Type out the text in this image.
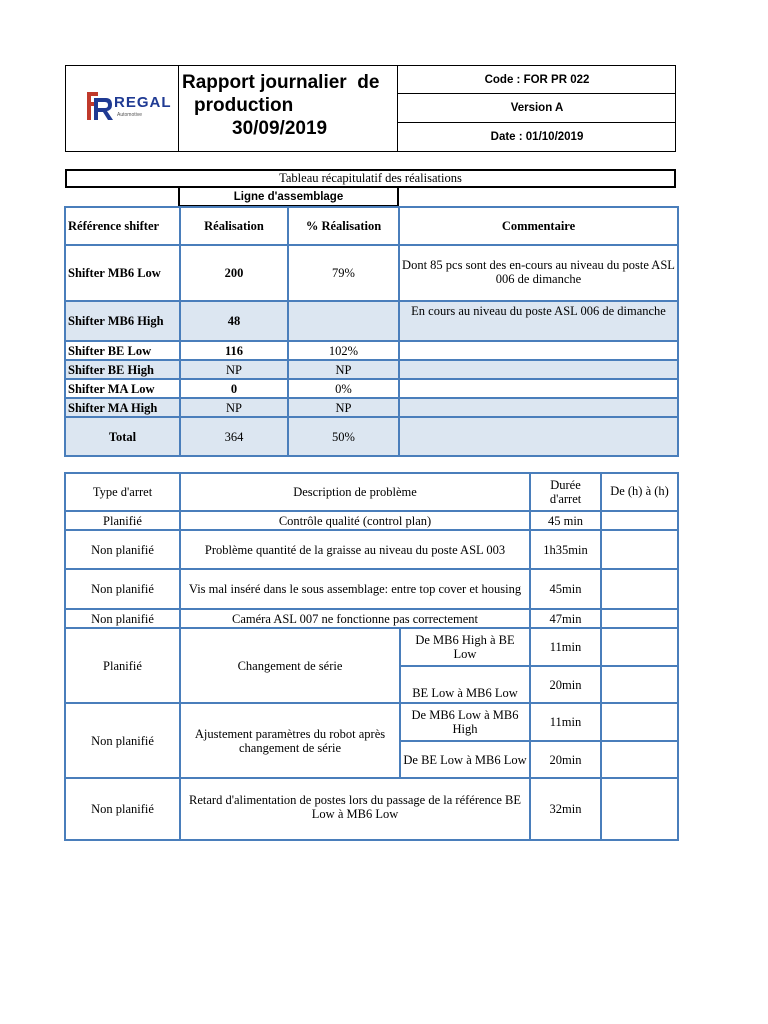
REGAL
Automotive
Rapport journalier  de
production
30/09/2019
Code : FOR PR 022
Version A
Date : 01/10/2019
Tableau récapitulatif des réalisations
Ligne d'assemblage
Référence shifter	Réalisation	% Réalisation	Commentaire
Shifter MB6 Low	200	79%	Dont 85 pcs sont des en-cours au niveau du poste ASL 006 de dimanche
Shifter MB6 High	48		En cours au niveau du poste ASL 006 de dimanche
Shifter BE Low	116	102%	
Shifter BE High	NP	NP	
Shifter MA Low	0	0%	
Shifter MA High	NP	NP	
Total	364	50%	
Type d'arret	Description de problème		Durée d'arret	De (h) à (h)
Planifié	Contrôle qualité (control plan)		45 min	
Non planifié	Problème quantité de la graisse au niveau du poste ASL 003		1h35min	
Non planifié	Vis mal inséré dans le sous assemblage: entre top cover et housing		45min	
Non planifié	Caméra ASL 007 ne fonctionne pas correctement		47min	
Planifié	Changement de série	De MB6 High à BE Low	11min	
		BE Low à MB6 Low	20min	
Non planifié	Ajustement paramètres du robot après changement de série	De MB6 Low à MB6 High	11min	
		De BE Low à MB6 Low	20min	
Non planifié	Retard d'alimentation de postes lors du passage de la référence BE Low à MB6 Low		32min	
